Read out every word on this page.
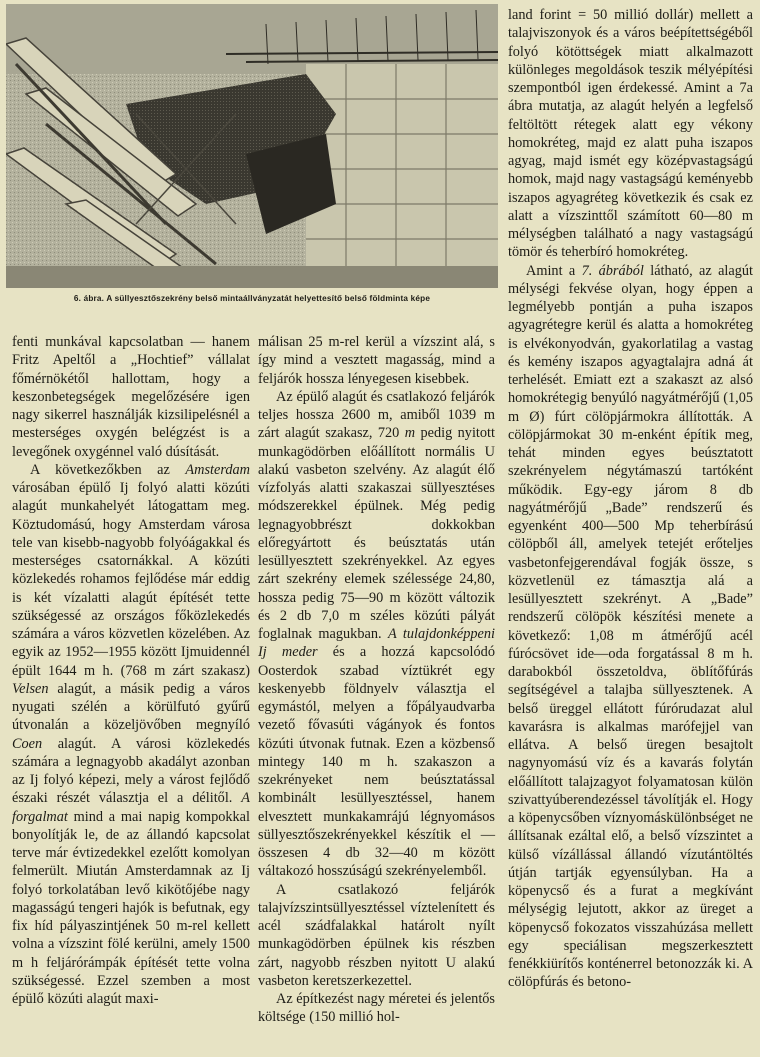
6. ábra. A süllyesztőszekrény belső mintaállványzatát helyettesítő belső földminta képe

fenti munkával kapcsolatban — hanem Fritz Apeltől a „Hochtief” vállalat főmérnökétől hallottam, hogy a keszonbetegségek megelőzésére igen nagy sikerrel használják kizsilipelésnél a mesterséges oxygén belégzést is a levegőnek oxygénnel való dúsítását.

A következőkben az Amsterdam városában épülő Ij folyó alatti közúti alagút munkahelyét látogattam meg. Köztudomású, hogy Amsterdam városa tele van kisebb-nagyobb folyóágakkal és mesterséges csatornákkal. A közúti közlekedés rohamos fejlődése már eddig is két vízalatti alagút építését tette szükségessé az országos főközlekedés számára a város közvetlen közelében. Az egyik az 1952—1955 között Ijmuidennél épült 1644 m h. (768 m zárt szakasz) Velsen alagút, a másik pedig a város nyugati szélén a körülfutó gyűrű útvonalán a közeljövőben megnyíló Coen alagút. A városi közlekedés számára a legnagyobb akadályt azonban az Ij folyó képezi, mely a várost fejlődő északi részét választja el a délitől. A forgalmat mind a mai napig kompokkal bonyolítják le, de az állandó kapcsolat terve már évtizedekkel ezelőtt komolyan felmerült. Miután Amsterdamnak az Ij folyó torkolatában levő kikötőjébe nagy magasságú tengeri hajók is befutnak, egy fix híd pályaszintjének 50 m-rel kellett volna a vízszint fölé kerülni, amely 1500 m h feljárórámpák építését tette volna szükségessé. Ezzel szemben a most épülő közúti alagút maxi-

málisan 25 m-rel kerül a vízszint alá, s így mind a vesztett magasság, mind a feljárók hossza lényegesen kisebbek.

Az épülő alagút és csatlakozó feljárók teljes hossza 2600 m, amiből 1039 m zárt alagút szakasz, 720 m pedig nyitott munkagödörben előállított normális U alakú vasbeton szelvény. Az alagút élő vízfolyás alatti szakaszai süllyesztéses módszerekkel épülnek. Még pedig legnagyobbrészt dokkokban előregyártott és beúsztatás után lesüllyesztett szekrényekkel. Az egyes zárt szekrény elemek szélessége 24,80, hossza pedig 75—90 m között változik és 2 db 7,0 m széles közúti pályát foglalnak magukban. A tulajdonképpeni Ij meder és a hozzá kapcsolódó Oosterdok szabad víztükrét egy keskenyebb földnyelv választja el egymástól, melyen a főpályaudvarba vezető fővasúti vágányok és fontos közúti útvonak futnak. Ezen a közbenső mintegy 140 m h. szakaszon a szekrényeket nem beúsztatással kombinált lesüllyesztéssel, hanem elvesztett munkakamrájú légnyomásos süllyesztőszekrényekkel készítik el — összesen 4 db 32—40 m között váltakozó hosszúságú szekrényelemből.

A csatlakozó feljárók talajvízszintsüllyesztéssel víztelenített és acél szádfalakkal határolt nyílt munkagödörben épülnek kis részben zárt, nagyobb részben nyitott U alakú vasbeton keretszerkezettel.

Az építkezést nagy méretei és jelentős költsége (150 millió hol-

land forint = 50 millió dollár) mellett a talajviszonyok és a város beépítettségéből folyó kötöttségek miatt alkalmazott különleges megoldások teszik mélyépítési szempontból igen érdekessé. Amint a 7a ábra mutatja, az alagút helyén a legfelső feltöltött rétegek alatt egy vékony homokréteg, majd ez alatt puha iszapos agyag, majd ismét egy középvastagságú homok, majd nagy vastagságú keményebb iszapos agyagréteg következik és csak ez alatt a vízszinttől számított 60—80 m mélységben található a nagy vastagságú tömör és teherbíró homokréteg.

Amint a 7. ábrából látható, az alagút mélységi fekvése olyan, hogy éppen a legmélyebb pontján a puha iszapos agyagrétegre kerül és alatta a homokréteg is elvékonyodván, gyakorlatilag a vastag és kemény iszapos agyagtalajra adná át terhelését. Emiatt ezt a szakaszt az alsó homokrétegig benyúló nagyátmérőjű (1,05 m Ø) fúrt cölöpjármokra állították. A cölöpjármokat 30 m-enként építik meg, tehát minden egyes beúsztatott szekrényelem négytámaszú tartóként működik. Egy-egy járom 8 db nagyátmérőjű „Bade” rendszerű és egyenként 400—500 Mp teherbírású cölöpből áll, amelyek tetejét erőteljes vasbetonfejgerendával fogják össze, s közvetlenül ez támasztja alá a lesüllyesztett szekrényt. A „Bade” rendszerű cölöpök készítési menete a következő: 1,08 m átmérőjű acél fúrócsövet ide—oda forgatással 8 m h. darabokból összetoldva, öblítőfúrás segítségével a talajba süllyesztenek. A belső üreggel ellátott fúrórudazat alul kavarásra is alkalmas marófejjel van ellátva. A belső üregen besajtolt nagynyomású víz és a kavarás folytán előállított talajzagyot folyamatosan külön szivattyúberendezéssel távolítják el. Hogy a köpenycsőben víznyomáskülönbséget ne állítsanak ezáltal elő, a belső vízszintet a külső vízállással állandó vízutántöltés útján tartják egyensúlyban. Ha a köpenycső és a furat a megkívánt mélységig lejutott, akkor az üreget a köpenycső fokozatos visszahúzása mellett egy speciálisan megszerkesztett fenékkiürítős konténerrel betonozzák ki. A cölöpfúrás és betono-
